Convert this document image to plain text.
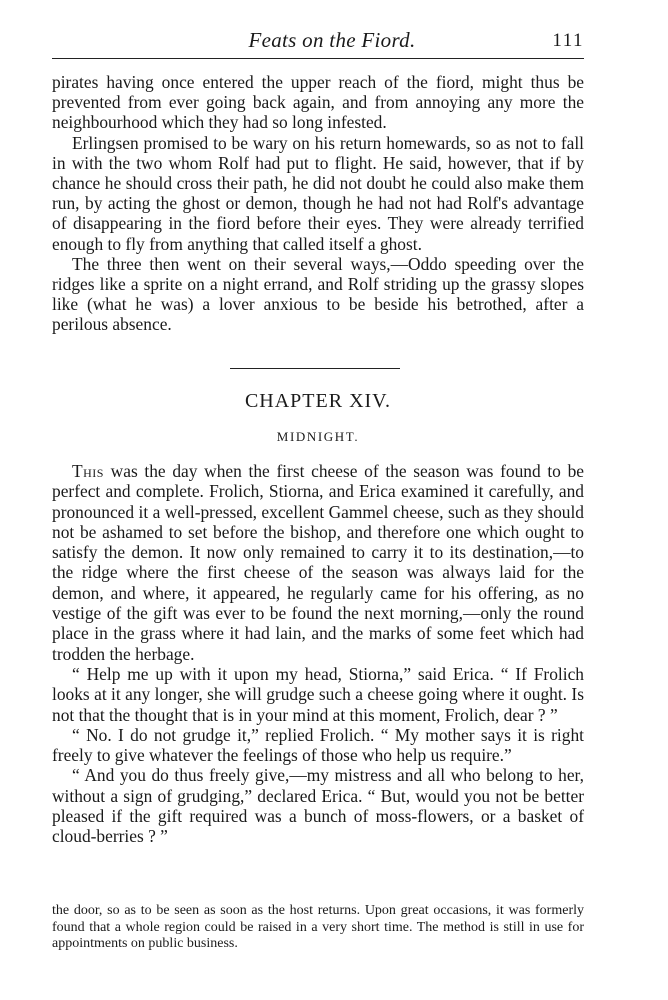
Feats on the Fiord.	111

pirates having once entered the upper reach of the fiord, might thus be prevented from ever going back again, and from annoying any more the neighbourhood which they had so long infested.

Erlingsen promised to be wary on his return homewards, so as not to fall in with the two whom Rolf had put to flight. He said, however, that if by chance he should cross their path, he did not doubt he could also make them run, by acting the ghost or demon, though he had not had Rolf's advantage of disappearing in the fiord before their eyes. They were already terrified enough to fly from anything that called itself a ghost.

The three then went on their several ways,—Oddo speeding over the ridges like a sprite on a night errand, and Rolf striding up the grassy slopes like (what he was) a lover anxious to be beside his betrothed, after a perilous absence.

CHAPTER XIV.
MIDNIGHT.

This was the day when the first cheese of the season was found to be perfect and complete. Frolich, Stiorna, and Erica examined it carefully, and pronounced it a well-pressed, excellent Gammel cheese, such as they should not be ashamed to set before the bishop, and therefore one which ought to satisfy the demon. It now only remained to carry it to its destination,—to the ridge where the first cheese of the season was always laid for the demon, and where, it appeared, he regularly came for his offering, as no vestige of the gift was ever to be found the next morning,—only the round place in the grass where it had lain, and the marks of some feet which had trodden the herbage.

“ Help me up with it upon my head, Stiorna,” said Erica. “ If Frolich looks at it any longer, she will grudge such a cheese going where it ought. Is not that the thought that is in your mind at this moment, Frolich, dear ? ”

“ No. I do not grudge it,” replied Frolich. “ My mother says it is right freely to give whatever the feelings of those who help us require.”

“ And you do thus freely give,—my mistress and all who belong to her, without a sign of grudging,” declared Erica. “ But, would you not be better pleased if the gift required was a bunch of moss-flowers, or a basket of cloud-berries ? ”

the door, so as to be seen as soon as the host returns. Upon great occasions, it was formerly found that a whole region could be raised in a very short time. The method is still in use for appointments on public business.
